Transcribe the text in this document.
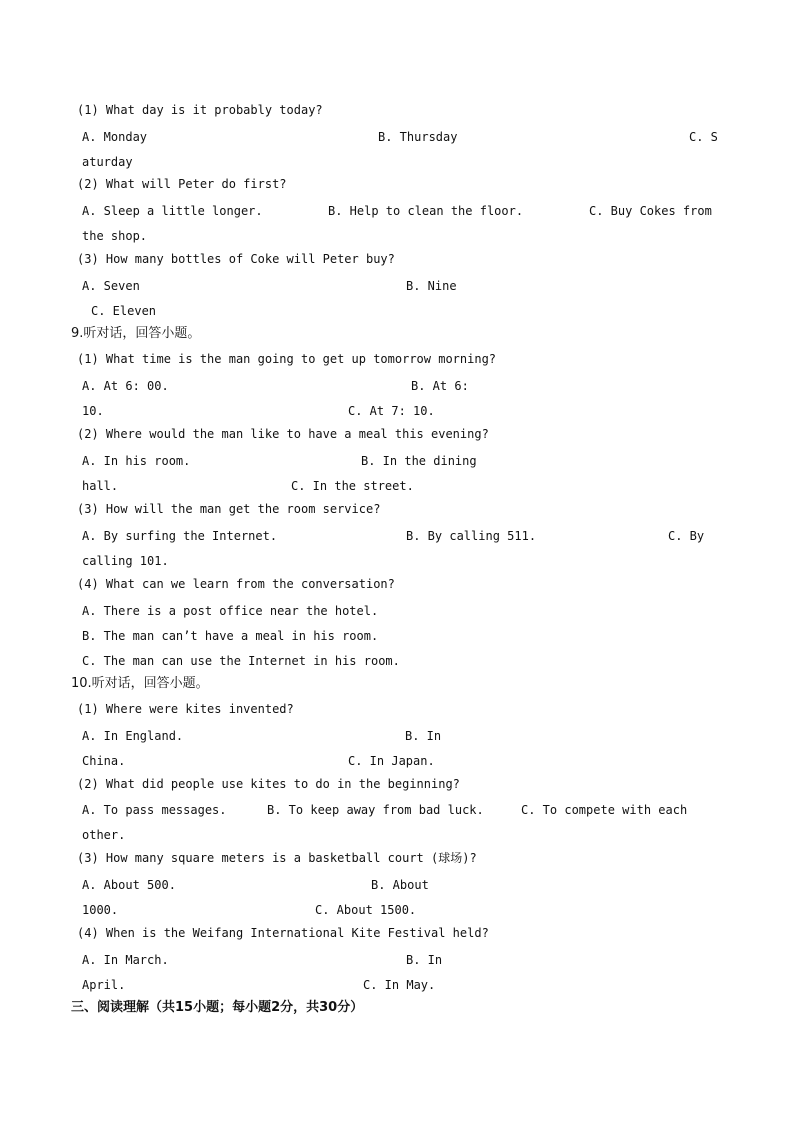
(1) What day is it probably today?
A. Monday	B. Thursday	C. S
aturday
(2) What will Peter do first?
A. Sleep a little longer.	B. Help to clean the floor.	C. Buy Cokes from
the shop.
(3) How many bottles of Coke will Peter buy?
A. Seven	B. Nine
C. Eleven
9.听对话，回答小题。
(1) What time is the man going to get up tomorrow morning?
A. At 6: 00.	B. At 6:
10.	C. At 7: 10.
(2) Where would the man like to have a meal this evening?
A. In his room.	B. In the dining
hall.	C. In the street.
(3) How will the man get the room service?
A. By surfing the Internet.	B. By calling 511.	C. By
calling 101.
(4) What can we learn from the conversation?
A. There is a post office near the hotel.
B. The man can’t have a meal in his room.
C. The man can use the Internet in his room.
10.听对话，回答小题。
(1) Where were kites invented?
A. In England.	B. In
China.	C. In Japan.
(2) What did people use kites to do in the beginning?
A. To pass messages.	B. To keep away from bad luck.	C. To compete with each
other.
(3) How many square meters is a basketball court (球场)?
A. About 500.	B. About
1000.	C. About 1500.
(4) When is the Weifang International Kite Festival held?
A. In March.	B. In
April.	C. In May.
三、阅读理解（共15小题；每小题2分，共30分）
